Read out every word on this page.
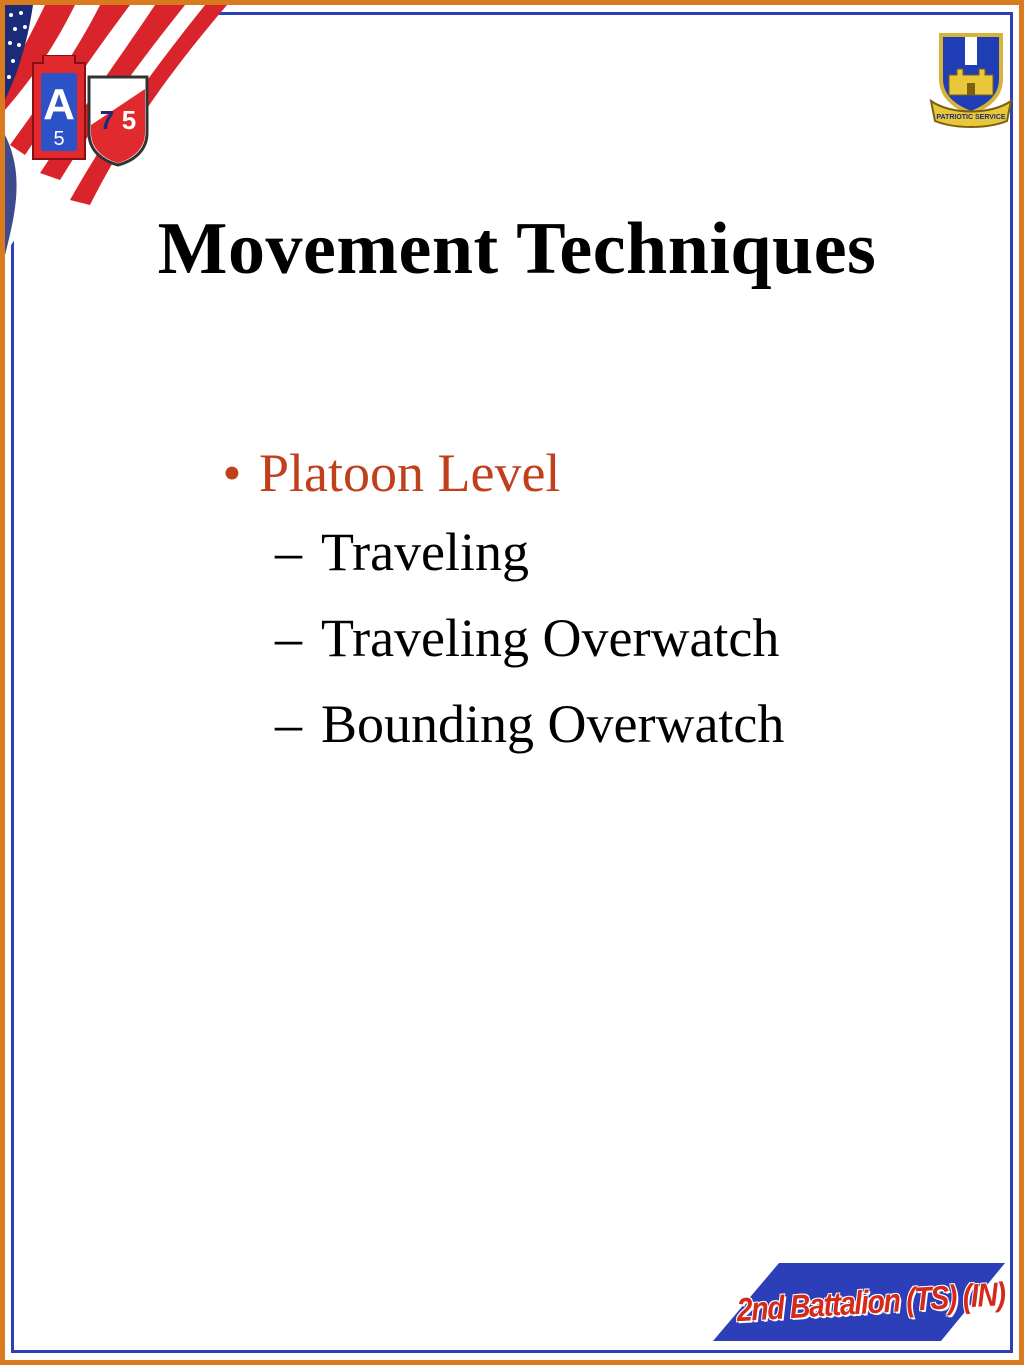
A
5
7 5	PATRIOTIC SERVICE
Movement Techniques
• Platoon Level
– Traveling
– Traveling Overwatch
– Bounding Overwatch
2nd Battalion (TS) (IN)
